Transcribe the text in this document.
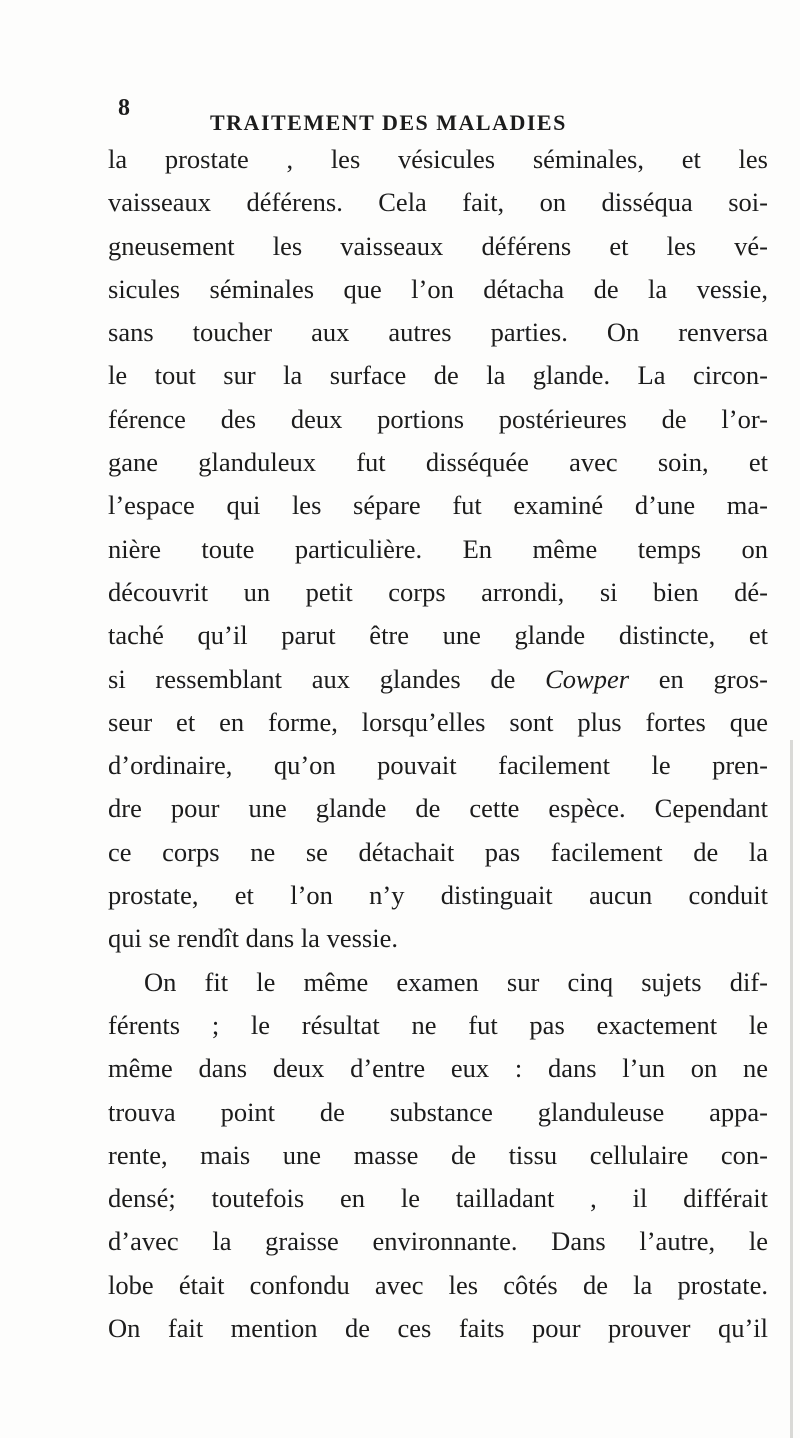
8
TRAITEMENT DES MALADIES
la prostate , les vésicules séminales, et les
vaisseaux déférens. Cela fait, on disséqua soi-
gneusement les vaisseaux déférens et les vé-
sicules séminales que l’on détacha de la vessie,
sans toucher aux autres parties. On renversa
le tout sur la surface de la glande. La circon-
férence des deux portions postérieures de l’or-
gane glanduleux fut disséquée avec soin, et
l’espace qui les sépare fut examiné d’une ma-
nière toute particulière. En même temps on
découvrit un petit corps arrondi, si bien dé-
taché qu’il parut être une glande distincte, et
si ressemblant aux glandes de Cowper en gros-
seur et en forme, lorsqu’elles sont plus fortes que
d’ordinaire, qu’on pouvait facilement le pren-
dre pour une glande de cette espèce. Cependant
ce corps ne se détachait pas facilement de la
prostate, et l’on n’y distinguait aucun conduit
qui se rendît dans la vessie.
On fit le même examen sur cinq sujets dif-
férents ; le résultat ne fut pas exactement le
même dans deux d’entre eux : dans l’un on ne
trouva point de substance glanduleuse appa-
rente, mais une masse de tissu cellulaire con-
densé; toutefois en le tailladant , il différait
d’avec la graisse environnante. Dans l’autre, le
lobe était confondu avec les côtés de la prostate.
On fait mention de ces faits pour prouver qu’il
